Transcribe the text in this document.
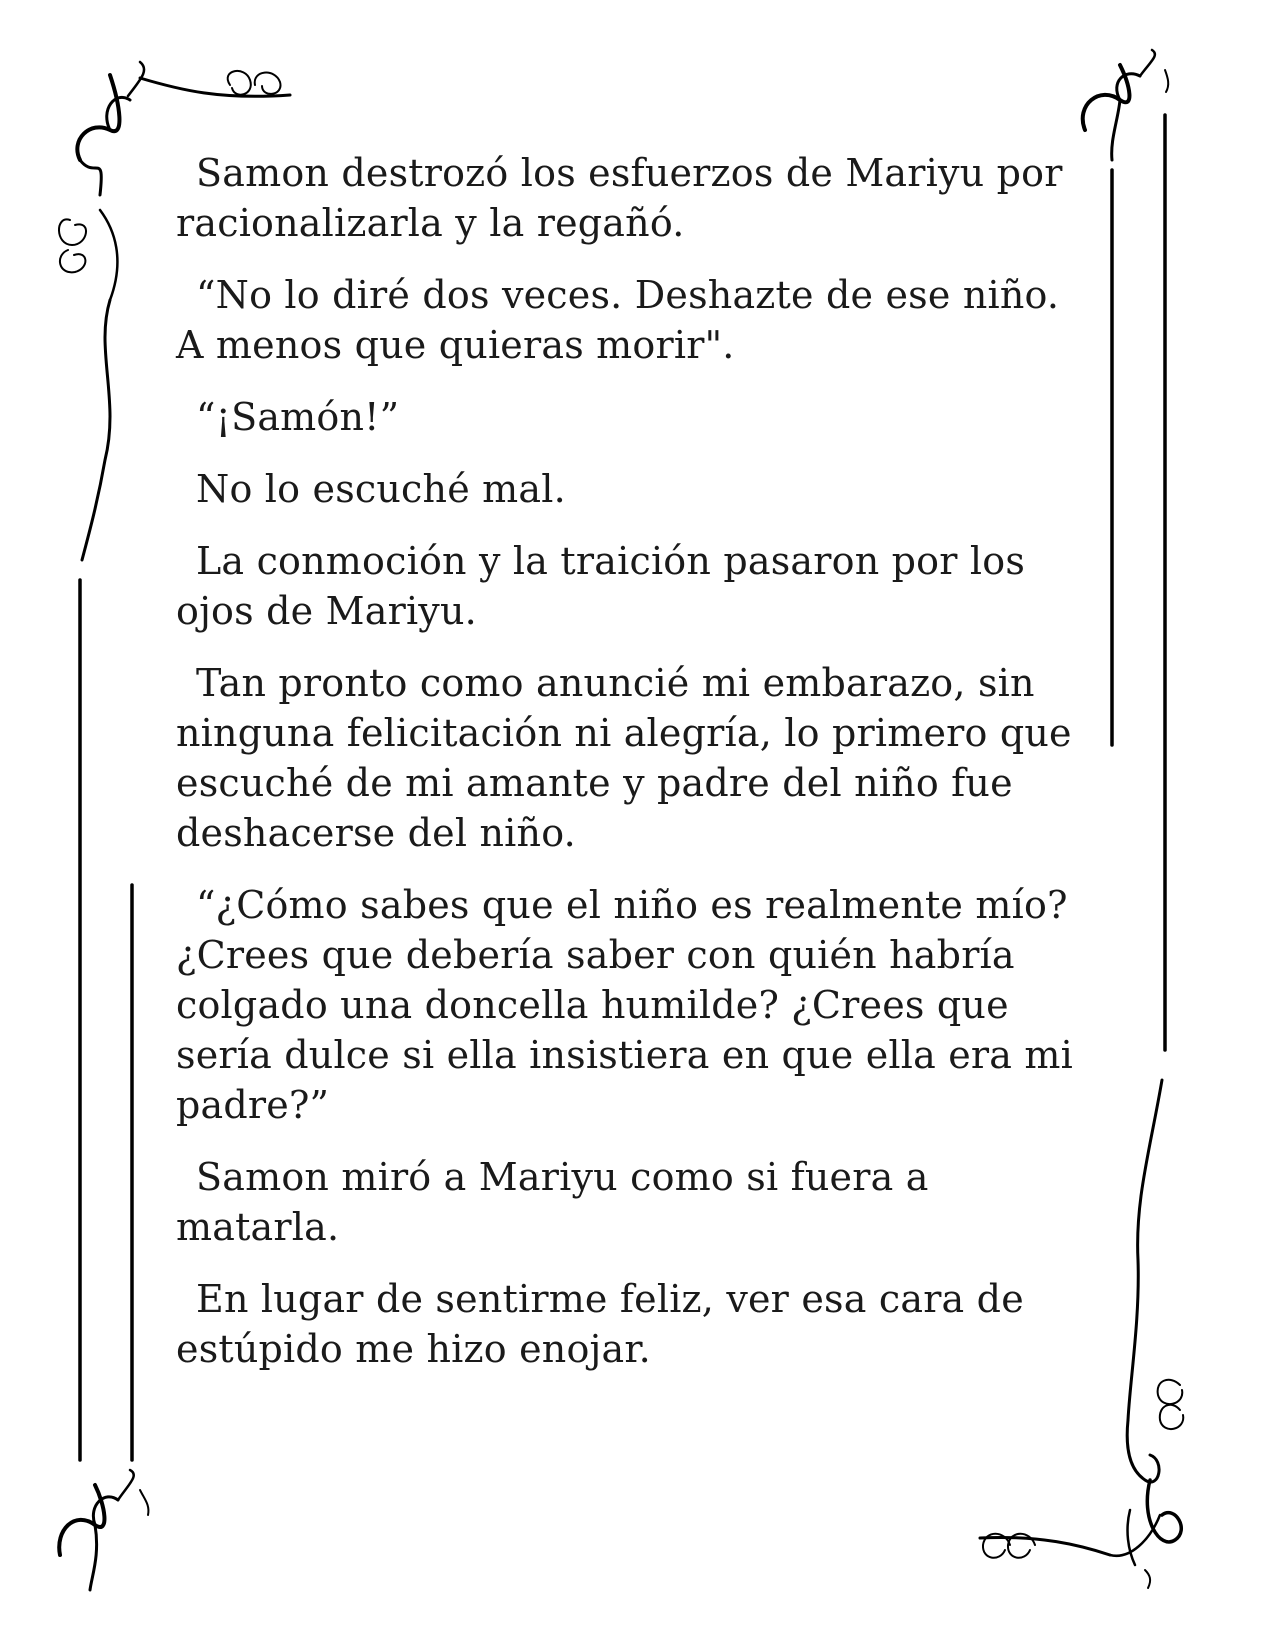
Samon destrozó los esfuerzos de Mariyu por racionalizarla y la regañó.

“No lo diré dos veces. Deshazte de ese niño. A menos que quieras morir".

“¡Samón!”

No lo escuché mal.

La conmoción y la traición pasaron por los ojos de Mariyu.

Tan pronto como anuncié mi embarazo, sin ninguna felicitación ni alegría, lo primero que escuché de mi amante y padre del niño fue deshacerse del niño.

“¿Cómo sabes que el niño es realmente mío? ¿Crees que debería saber con quién habría colgado una doncella humilde? ¿Crees que sería dulce si ella insistiera en que ella era mi padre?”

Samon miró a Mariyu como si fuera a matarla.

En lugar de sentirme feliz, ver esa cara de estúpido me hizo enojar.
